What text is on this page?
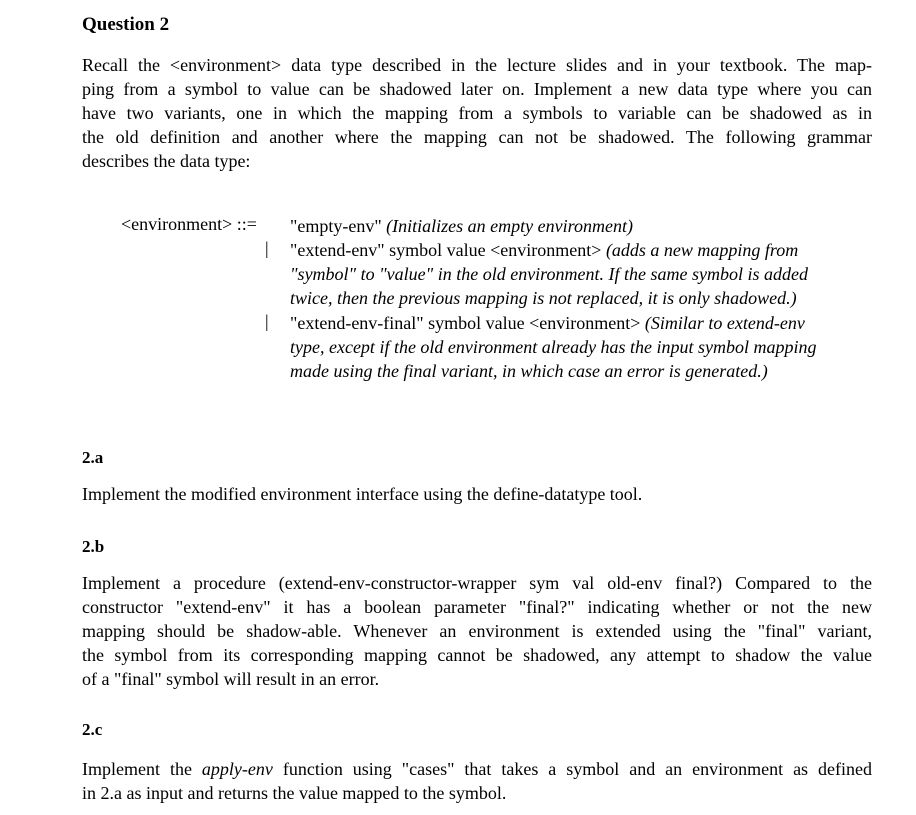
Question 2
Recall the <environment> data type described in the lecture slides and in your textbook. The map-
ping from a symbol to value can be shadowed later on. Implement a new data type where you can
have two variants, one in which the mapping from a symbols to variable can be shadowed as in
the old definition and another where the mapping can not be shadowed. The following grammar
describes the data type:
<environment> ::= "empty-env" (Initializes an empty environment)
| "extend-env" symbol value <environment> (adds a new mapping from
"symbol" to "value" in the old environment. If the same symbol is added
twice, then the previous mapping is not replaced, it is only shadowed.)
| "extend-env-final" symbol value <environment> (Similar to extend-env
type, except if the old environment already has the input symbol mapping
made using the final variant, in which case an error is generated.)
2.a
Implement the modified environment interface using the define-datatype tool.
2.b
Implement a procedure (extend-env-constructor-wrapper sym val old-env final?) Compared to the
constructor "extend-env" it has a boolean parameter "final?" indicating whether or not the new
mapping should be shadow-able. Whenever an environment is extended using the "final" variant,
the symbol from its corresponding mapping cannot be shadowed, any attempt to shadow the value
of a "final" symbol will result in an error.
2.c
Implement the apply-env function using "cases" that takes a symbol and an environment as defined
in 2.a as input and returns the value mapped to the symbol.
